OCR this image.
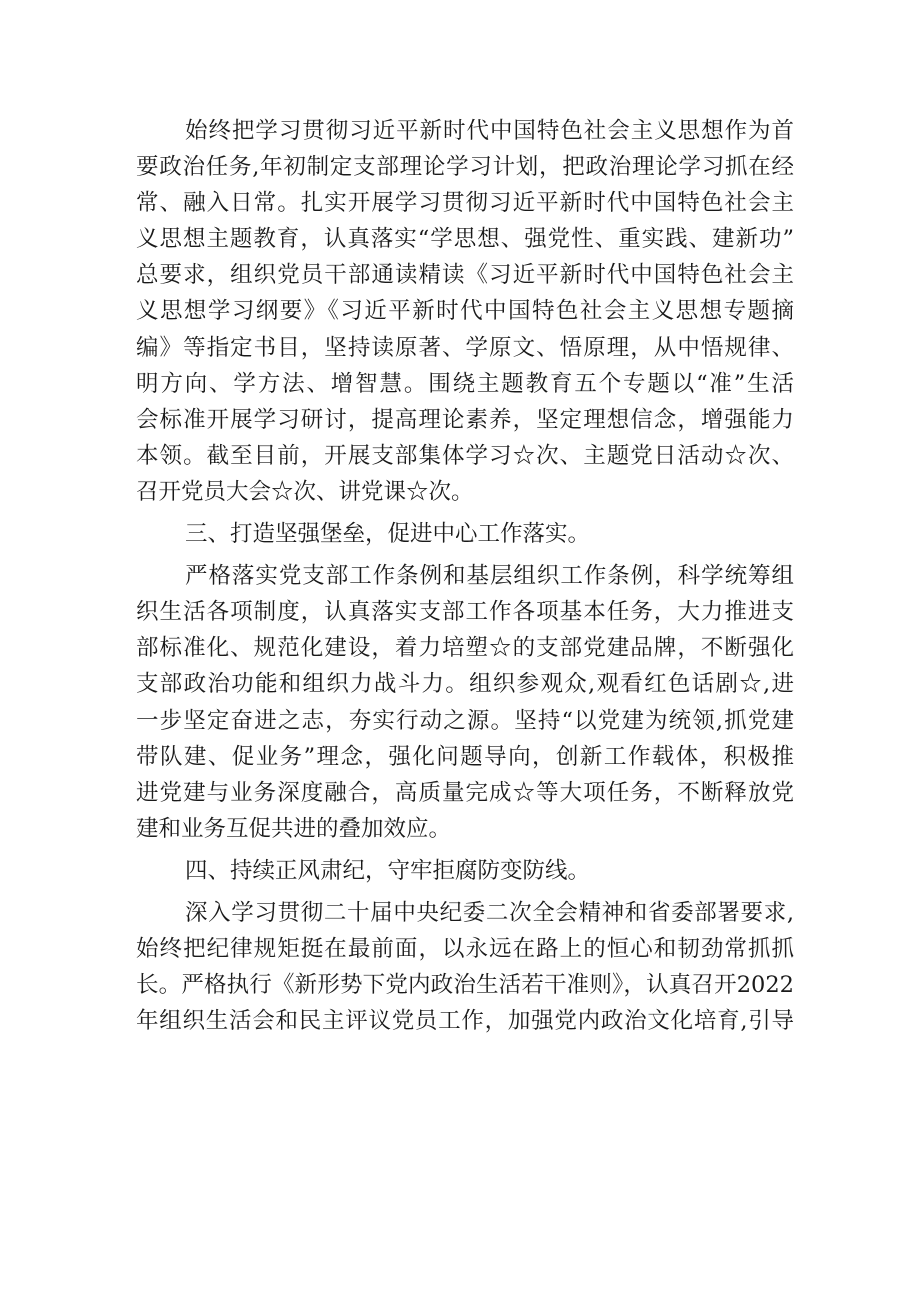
始终把学习贯彻习近平新时代中国特色社会主义思想作为首
要政治任务,年初制定支部理论学习计划，把政治理论学习抓在经
常、融入日常。扎实开展学习贯彻习近平新时代中国特色社会主
义思想主题教育，认真落实“学思想、强党性、重实践、建新功”
总要求，组织党员干部通读精读《习近平新时代中国特色社会主
义思想学习纲要》《习近平新时代中国特色社会主义思想专题摘
编》等指定书目，坚持读原著、学原文、悟原理，从中悟规律、
明方向、学方法、增智慧。围绕主题教育五个专题以“准”生活
会标准开展学习研讨，提高理论素养，坚定理想信念，增强能力
本领。截至目前，开展支部集体学习☆次、主题党日活动☆次、
召开党员大会☆次、讲党课☆次。
三、打造坚强堡垒，促进中心工作落实。
严格落实党支部工作条例和基层组织工作条例，科学统筹组
织生活各项制度，认真落实支部工作各项基本任务，大力推进支
部标准化、规范化建设，着力培塑☆的支部党建品牌，不断强化
支部政治功能和组织力战斗力。组织参观众,观看红色话剧☆,进
一步坚定奋进之志，夯实行动之源。坚持“以党建为统领,抓党建
带队建、促业务”理念，强化问题导向，创新工作载体，积极推
进党建与业务深度融合，高质量完成☆等大项任务，不断释放党
建和业务互促共进的叠加效应。
四、持续正风肃纪，守牢拒腐防变防线。
深入学习贯彻二十届中央纪委二次全会精神和省委部署要求,
始终把纪律规矩挺在最前面，以永远在路上的恒心和韧劲常抓抓
长。严格执行《新形势下党内政治生活若干准则》，认真召开2022
年组织生活会和民主评议党员工作，加强党内政治文化培育,引导
